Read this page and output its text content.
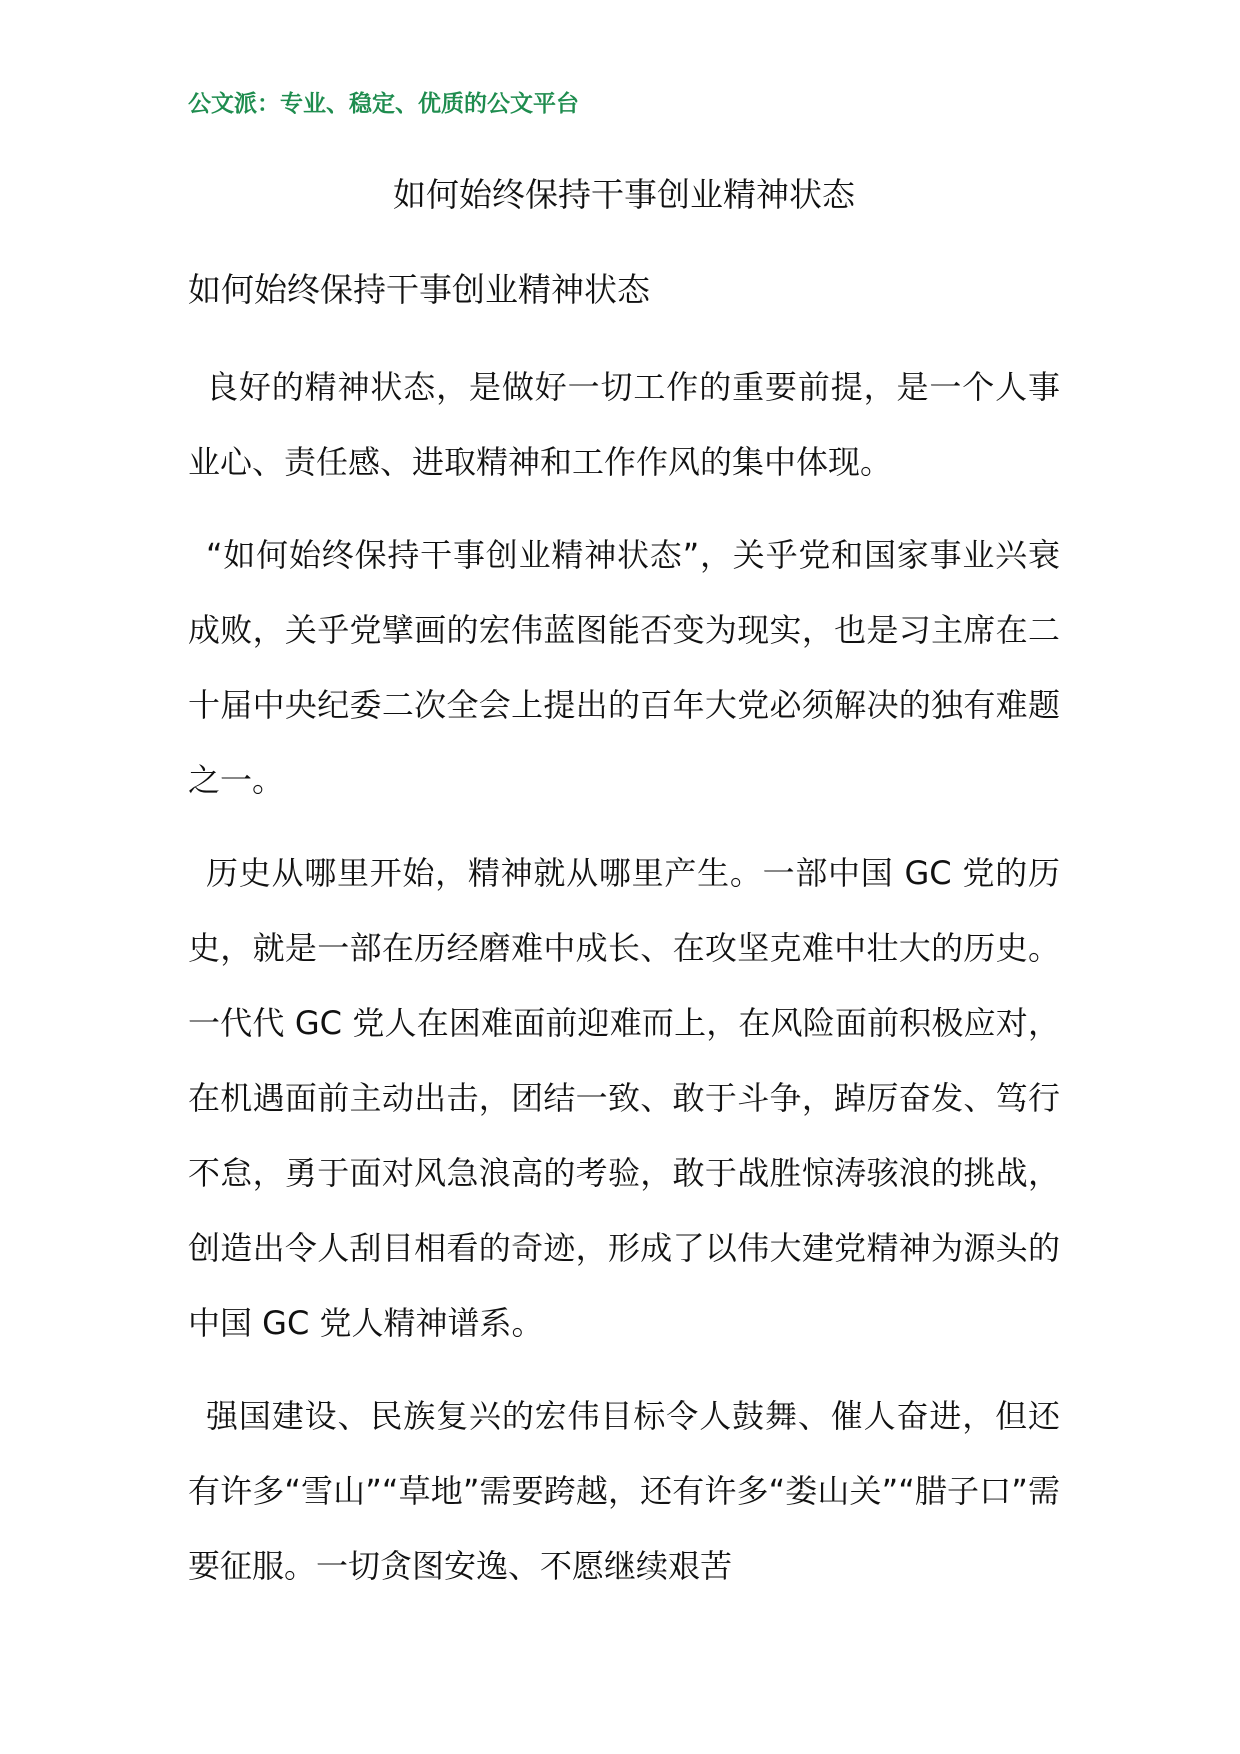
公文派：专业、稳定、优质的公文平台
如何始终保持干事创业精神状态
如何始终保持干事创业精神状态

良好的精神状态，是做好一切工作的重要前提，是一个人事业心、责任感、进取精神和工作作风的集中体现。

“如何始终保持干事创业精神状态”，关乎党和国家事业兴衰成败，关乎党擘画的宏伟蓝图能否变为现实，也是习主席在二十届中央纪委二次全会上提出的百年大党必须解决的独有难题之一。

历史从哪里开始，精神就从哪里产生。一部中国 GC 党的历史，就是一部在历经磨难中成长、在攻坚克难中壮大的历史。一代代 GC 党人在困难面前迎难而上，在风险面前积极应对，在机遇面前主动出击，团结一致、敢于斗争，踔厉奋发、笃行不怠，勇于面对风急浪高的考验，敢于战胜惊涛骇浪的挑战，创造出令人刮目相看的奇迹，形成了以伟大建党精神为源头的中国 GC 党人精神谱系。

强国建设、民族复兴的宏伟目标令人鼓舞、催人奋进，但还有许多“雪山”“草地”需要跨越，还有许多“娄山关”“腊子口”需要征服。一切贪图安逸、不愿继续艰苦
